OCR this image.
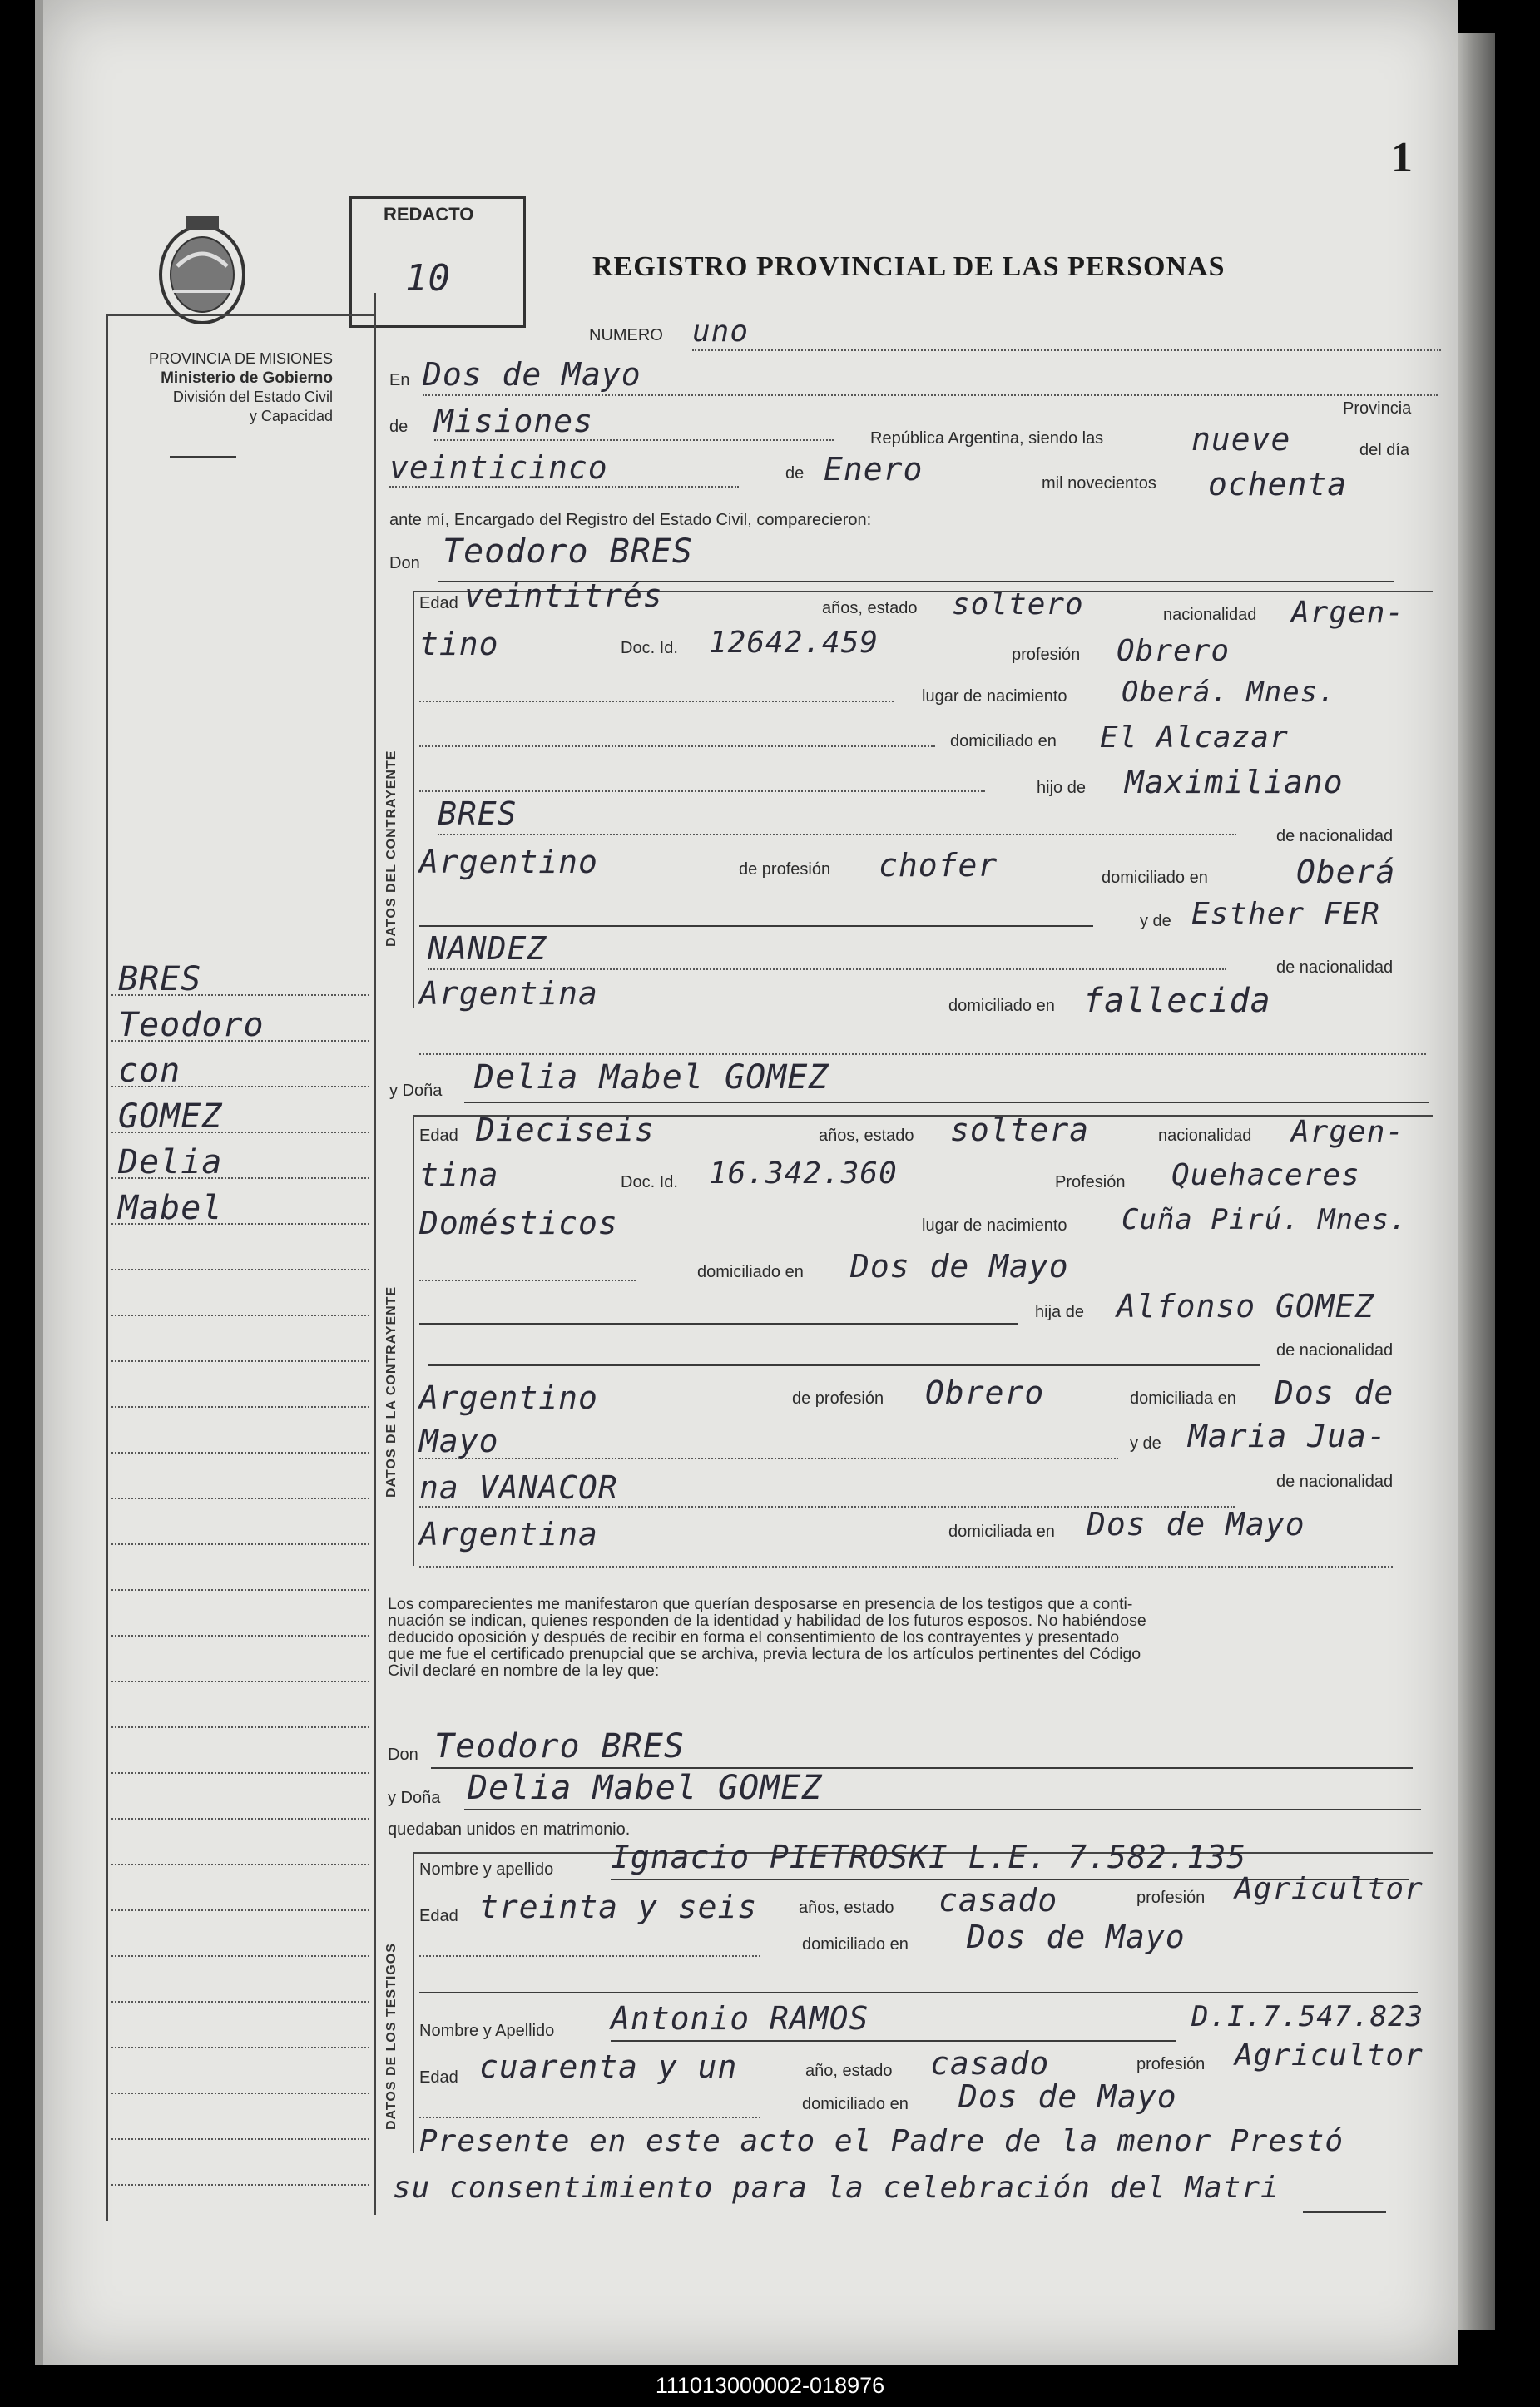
1
PROVINCIA DE MISIONES
Ministerio de Gobierno
División del Estado Civil
y Capacidad
REDACTO
10	REGISTRO PROVINCIAL DE LAS PERSONAS
BRES
Teodoro
con
GOMEZ
Delia
Mabel
NUMERO uno
En Dos de Mayo
Provincia
de Misiones	República Argentina, siendo las	nueve	del día
veinticinco	de Enero	mil novecientos ochenta
ante mí, Encargado del Registro del Estado Civil, comparecieron:
Don Teodoro BRES
DATOS DEL CONTRAYENTE
Edad veintitrés	años, estado soltero	nacionalidad Argen-
tino	Doc. Id. 12642.459	profesión Obrero
lugar de nacimiento Oberá. Mnes.
domiciliado en El Alcazar
hijo de Maximiliano
BRES
de nacionalidad
Argentino	de profesión chofer	domiciliado en	Oberá
y de Esther FER
NANDEZ
de nacionalidad
Argentina	domiciliado en fallecida
y Doña Delia Mabel GOMEZ
DATOS DE LA CONTRAYENTE
Edad Dieciseis	años, estado soltera	nacionalidad Argen-
tina	Doc. Id. 16.342.360	Profesión Quehaceres
Domésticos	lugar de nacimiento Cuña Pirú. Mnes.
domiciliado en Dos de Mayo
hija de Alfonso GOMEZ
de nacionalidad
Argentino	de profesión Obrero	domiciliada en Dos de
Mayo	y de Maria Jua-
na VANACOR	de nacionalidad
Argentina	domiciliada en Dos de Mayo
Los comparecientes me manifestaron que querían desposarse en presencia de los testigos que a conti-
nuación se indican, quienes responden de la identidad y habilidad de los futuros esposos. No habiéndose
deducido oposición y después de recibir en forma el consentimiento de los contrayentes y presentado
que me fue el certificado prenupcial que se archiva, previa lectura de los artículos pertinentes del Código
Civil declaré en nombre de la ley que:
Don Teodoro BRES
y Doña Delia Mabel GOMEZ
quedaban unidos en matrimonio.
DATOS DE LOS TESTIGOS
Nombre y apellido Ignacio PIETROSKI L.E. 7.582.135
Edad treinta y seis años, estado casado	profesión Agricultor
domiciliado en Dos de Mayo
Nombre y Apellido Antonio RAMOS	D.I.7.547.823
Edad cuarenta y un	año, estado casado	profesión Agricultor
domiciliado en Dos de Mayo
Presente en este acto el Padre de la menor Prestó
su consentimiento para la celebración del Matri
111013000002-018976
